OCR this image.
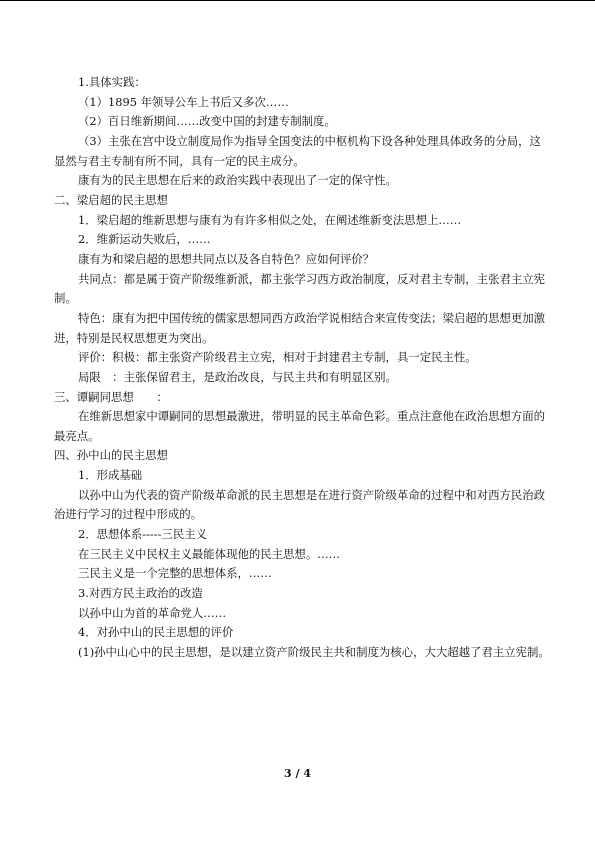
1.具体实践：
（1）1895 年领导公车上书后又多次……
（2）百日维新期间……改变中国的封建专制制度。
（3）主张在宫中设立制度局作为指导全国变法的中枢机构下设各种处理具体政务的分局，这显然与君主专制有所不同，具有一定的民主成分。
康有为的民主思想在后来的政治实践中表现出了一定的保守性。
二、梁启超的民主思想
1．梁启超的维新思想与康有为有许多相似之处，在阐述维新变法思想上……
2．维新运动失败后，……
康有为和梁启超的思想共同点以及各自特色？应如何评价？
共同点：都是属于资产阶级维新派，都主张学习西方政治制度，反对君主专制，主张君主立宪制。
特色：康有为把中国传统的儒家思想同西方政治学说相结合来宣传变法；梁启超的思想更加激进，特别是民权思想更为突出。
评价：积极：都主张资产阶级君主立宪，相对于封建君主专制，具一定民主性。
局限　：主张保留君主，是政治改良，与民主共和有明显区别。
三、谭嗣同思想　　：
在维新思想家中谭嗣同的思想最激进，带明显的民主革命色彩。重点注意他在政治思想方面的最亮点。
四、孙中山的民主思想
1．形成基础
以孙中山为代表的资产阶级革命派的民主思想是在进行资产阶级革命的过程中和对西方民治政治进行学习的过程中形成的。
2．思想体系-----三民主义
在三民主义中民权主义最能体现他的民主思想。……
三民主义是一个完整的思想体系，……
3.对西方民主政治的改造
以孙中山为首的革命党人……
4．对孙中山的民主思想的评价
(1)孙中山心中的民主思想，是以建立资产阶级民主共和制度为核心，大大超越了君主立宪制。
3 / 4
